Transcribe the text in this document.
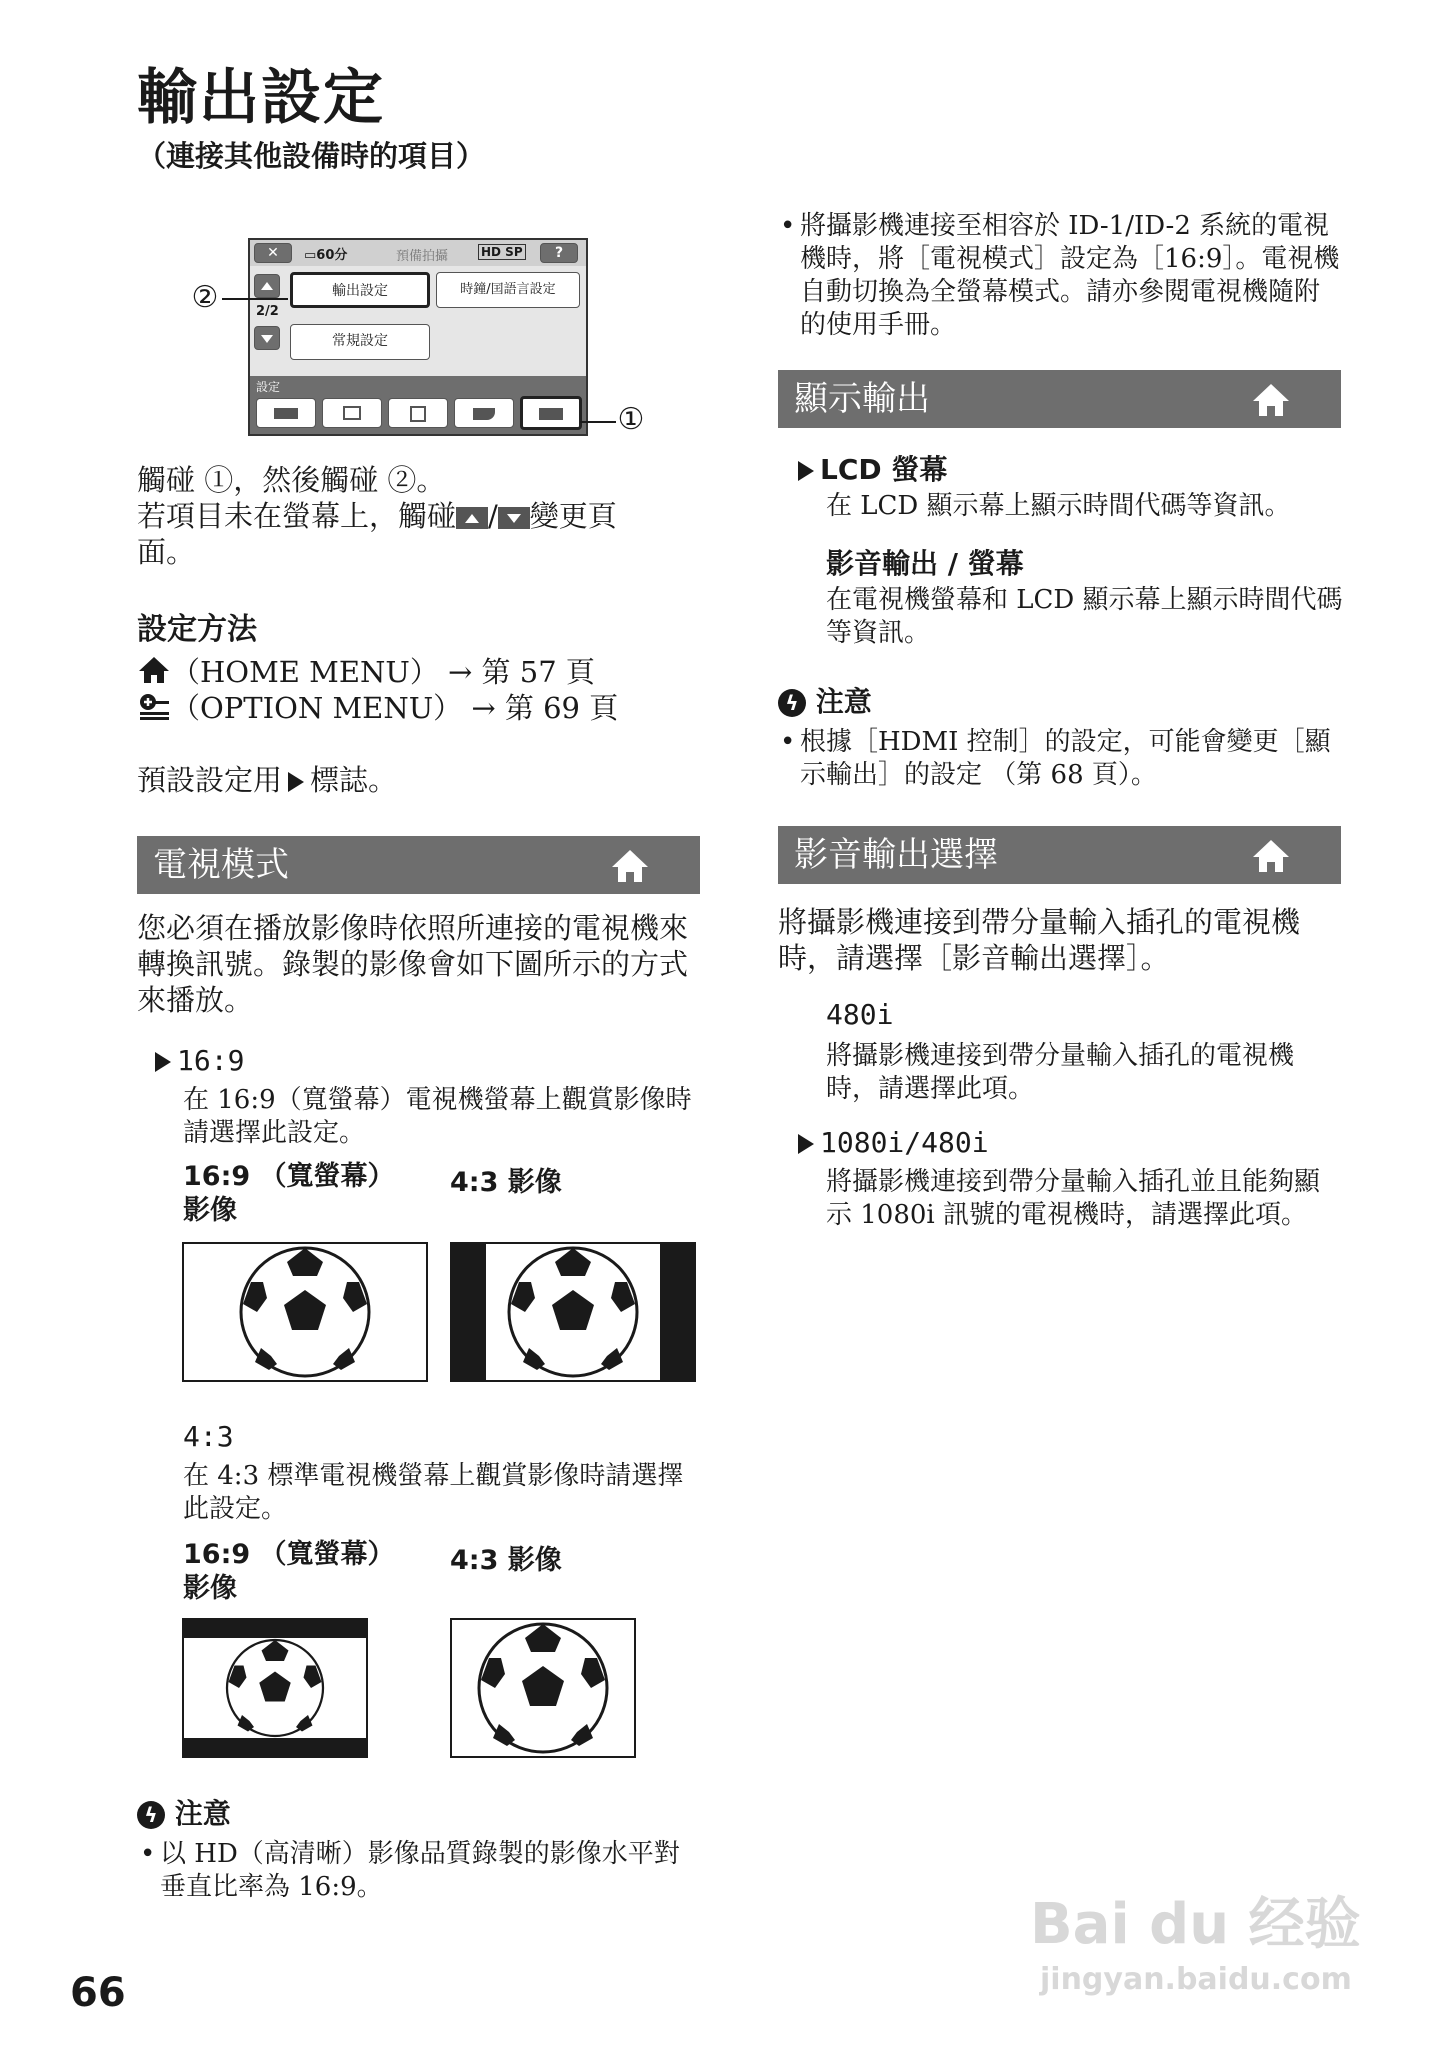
輸出設定
（連接其他設備時的項目）
✕	▭60分	預備拍攝	HD SP	?
輸出設定	時鐘/囯語言設定
2/2
常規設定
設定
②
①
觸碰 ①，然後觸碰 ②。
若項目未在螢幕上，觸碰 / 變更頁
面。
設定方法
（HOME MENU） → 第 57 頁
（OPTION MENU） → 第 69 頁
預設設定用 標誌。
電視模式
您必須在播放影像時依照所連接的電視機來轉換訊號。錄製的影像會如下圖所示的方式來播放。
16:9
在 16:9（寬螢幕）電視機螢幕上觀賞影像時請選擇此設定。
16:9 （寬螢幕）影像
4:3 影像
4:3
在 4:3 標準電視機螢幕上觀賞影像時請選擇此設定。
16:9 （寬螢幕）影像
4:3 影像
ϟ 注意
• 以 HD（高清晰）影像品質錄製的影像水平對垂直比率為 16:9。
66
• 將攝影機連接至相容於 ID-1/ID-2 系統的電視機時，將［電視模式］設定為［16:9］。電視機自動切換為全螢幕模式。請亦參閱電視機隨附的使用手冊。
顯示輸出
LCD 螢幕
在 LCD 顯示幕上顯示時間代碼等資訊。
影音輸出 / 螢幕
在電視機螢幕和 LCD 顯示幕上顯示時間代碼等資訊。
ϟ 注意
• 根據［HDMI 控制］的設定，可能會變更［顯示輸出］的設定 （第 68 頁）。
影音輸出選擇
將攝影機連接到帶分量輸入插孔的電視機時，請選擇［影音輸出選擇］。
480i
將攝影機連接到帶分量輸入插孔的電視機時，請選擇此項。
1080i/480i
將攝影機連接到帶分量輸入插孔並且能夠顯示 1080i 訊號的電視機時，請選擇此項。
Bai du 经验
jingyan.baidu.com
